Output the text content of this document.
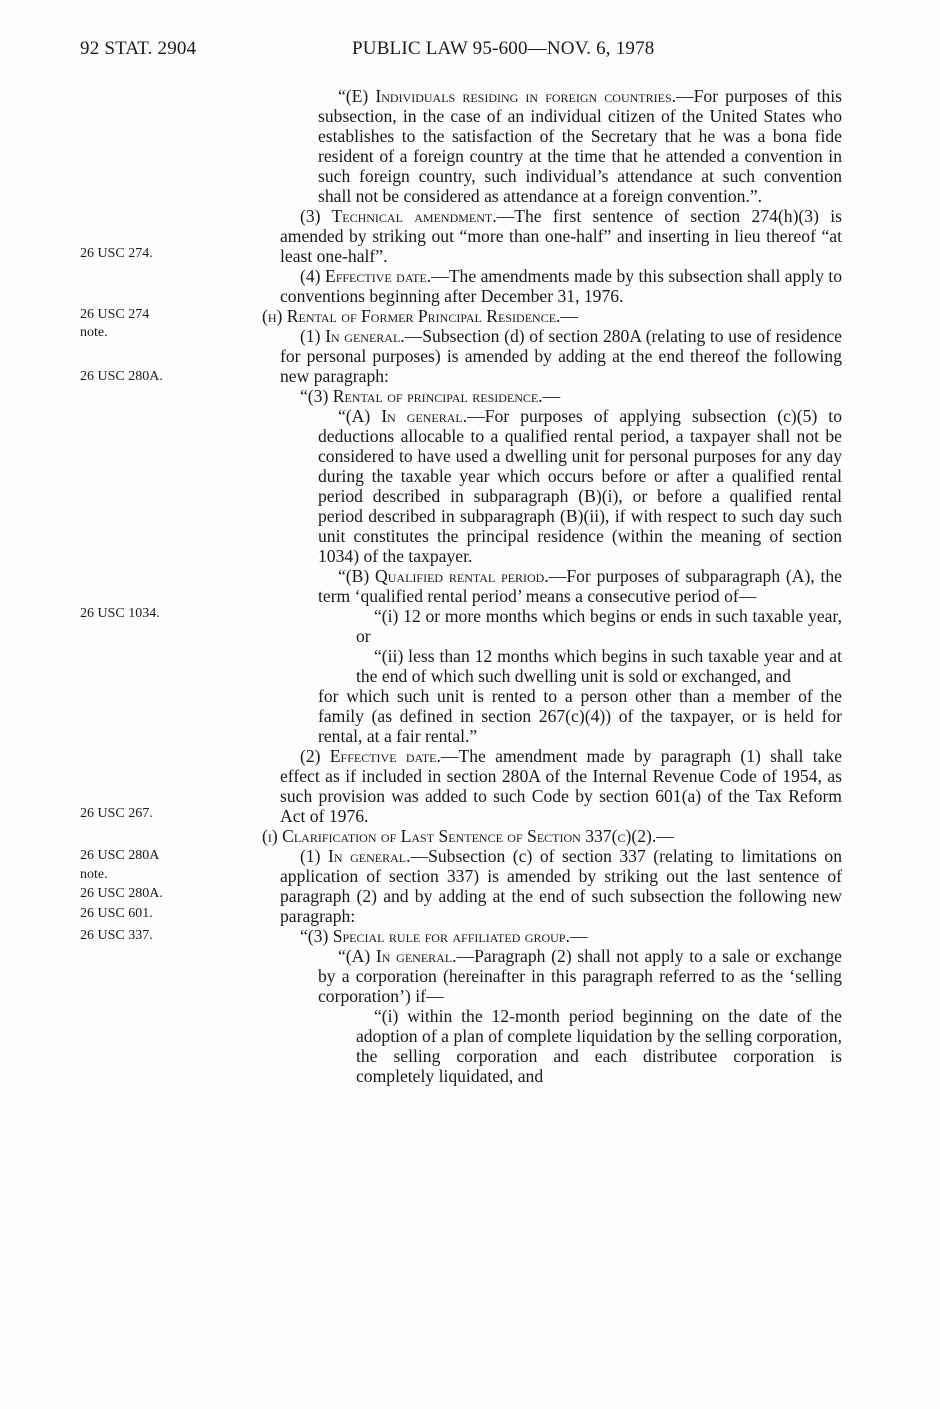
92 STAT. 2904	PUBLIC LAW 95-600—NOV. 6, 1978
26 USC 274.
26 USC 274
note.
26 USC 280A.
26 USC 1034.
26 USC 267.
26 USC 280A
note.
26 USC 280A.
26 USC 601.
26 USC 337.

“(E) Individuals residing in foreign countries.—For purposes of this subsection, in the case of an individual citizen of the United States who establishes to the satisfaction of the Secretary that he was a bona fide resident of a foreign country at the time that he attended a convention in such foreign country, such individual’s attendance at such convention shall not be considered as attendance at a foreign convention.”.

(3) Technical amendment.—The first sentence of section 274(h)(3) is amended by striking out “more than one-half” and inserting in lieu thereof “at least one-half”.

(4) Effective date.—The amendments made by this subsection shall apply to conventions beginning after December 31, 1976.

(h) Rental of Former Principal Residence.—

(1) In general.—Subsection (d) of section 280A (relating to use of residence for personal purposes) is amended by adding at the end thereof the following new paragraph:

“(3) Rental of principal residence.—

“(A) In general.—For purposes of applying subsection (c)(5) to deductions allocable to a qualified rental period, a taxpayer shall not be considered to have used a dwelling unit for personal purposes for any day during the taxable year which occurs before or after a qualified rental period described in subparagraph (B)(i), or before a qualified rental period described in subparagraph (B)(ii), if with respect to such day such unit constitutes the principal residence (within the meaning of section 1034) of the taxpayer.

“(B) Qualified rental period.—For purposes of subparagraph (A), the term ‘qualified rental period’ means a consecutive period of—

“(i) 12 or more months which begins or ends in such taxable year, or

“(ii) less than 12 months which begins in such taxable year and at the end of which such dwelling unit is sold or exchanged, and

for which such unit is rented to a person other than a member of the family (as defined in section 267(c)(4)) of the taxpayer, or is held for rental, at a fair rental.”

(2) Effective date.—The amendment made by paragraph (1) shall take effect as if included in section 280A of the Internal Revenue Code of 1954, as such provision was added to such Code by section 601(a) of the Tax Reform Act of 1976.

(i) Clarification of Last Sentence of Section 337(c)(2).—

(1) In general.—Subsection (c) of section 337 (relating to limitations on application of section 337) is amended by striking out the last sentence of paragraph (2) and by adding at the end of such subsection the following new paragraph:

“(3) Special rule for affiliated group.—

“(A) In general.—Paragraph (2) shall not apply to a sale or exchange by a corporation (hereinafter in this paragraph referred to as the ‘selling corporation’) if—

“(i) within the 12-month period beginning on the date of the adoption of a plan of complete liquidation by the selling corporation, the selling corporation and each distributee corporation is completely liquidated, and
